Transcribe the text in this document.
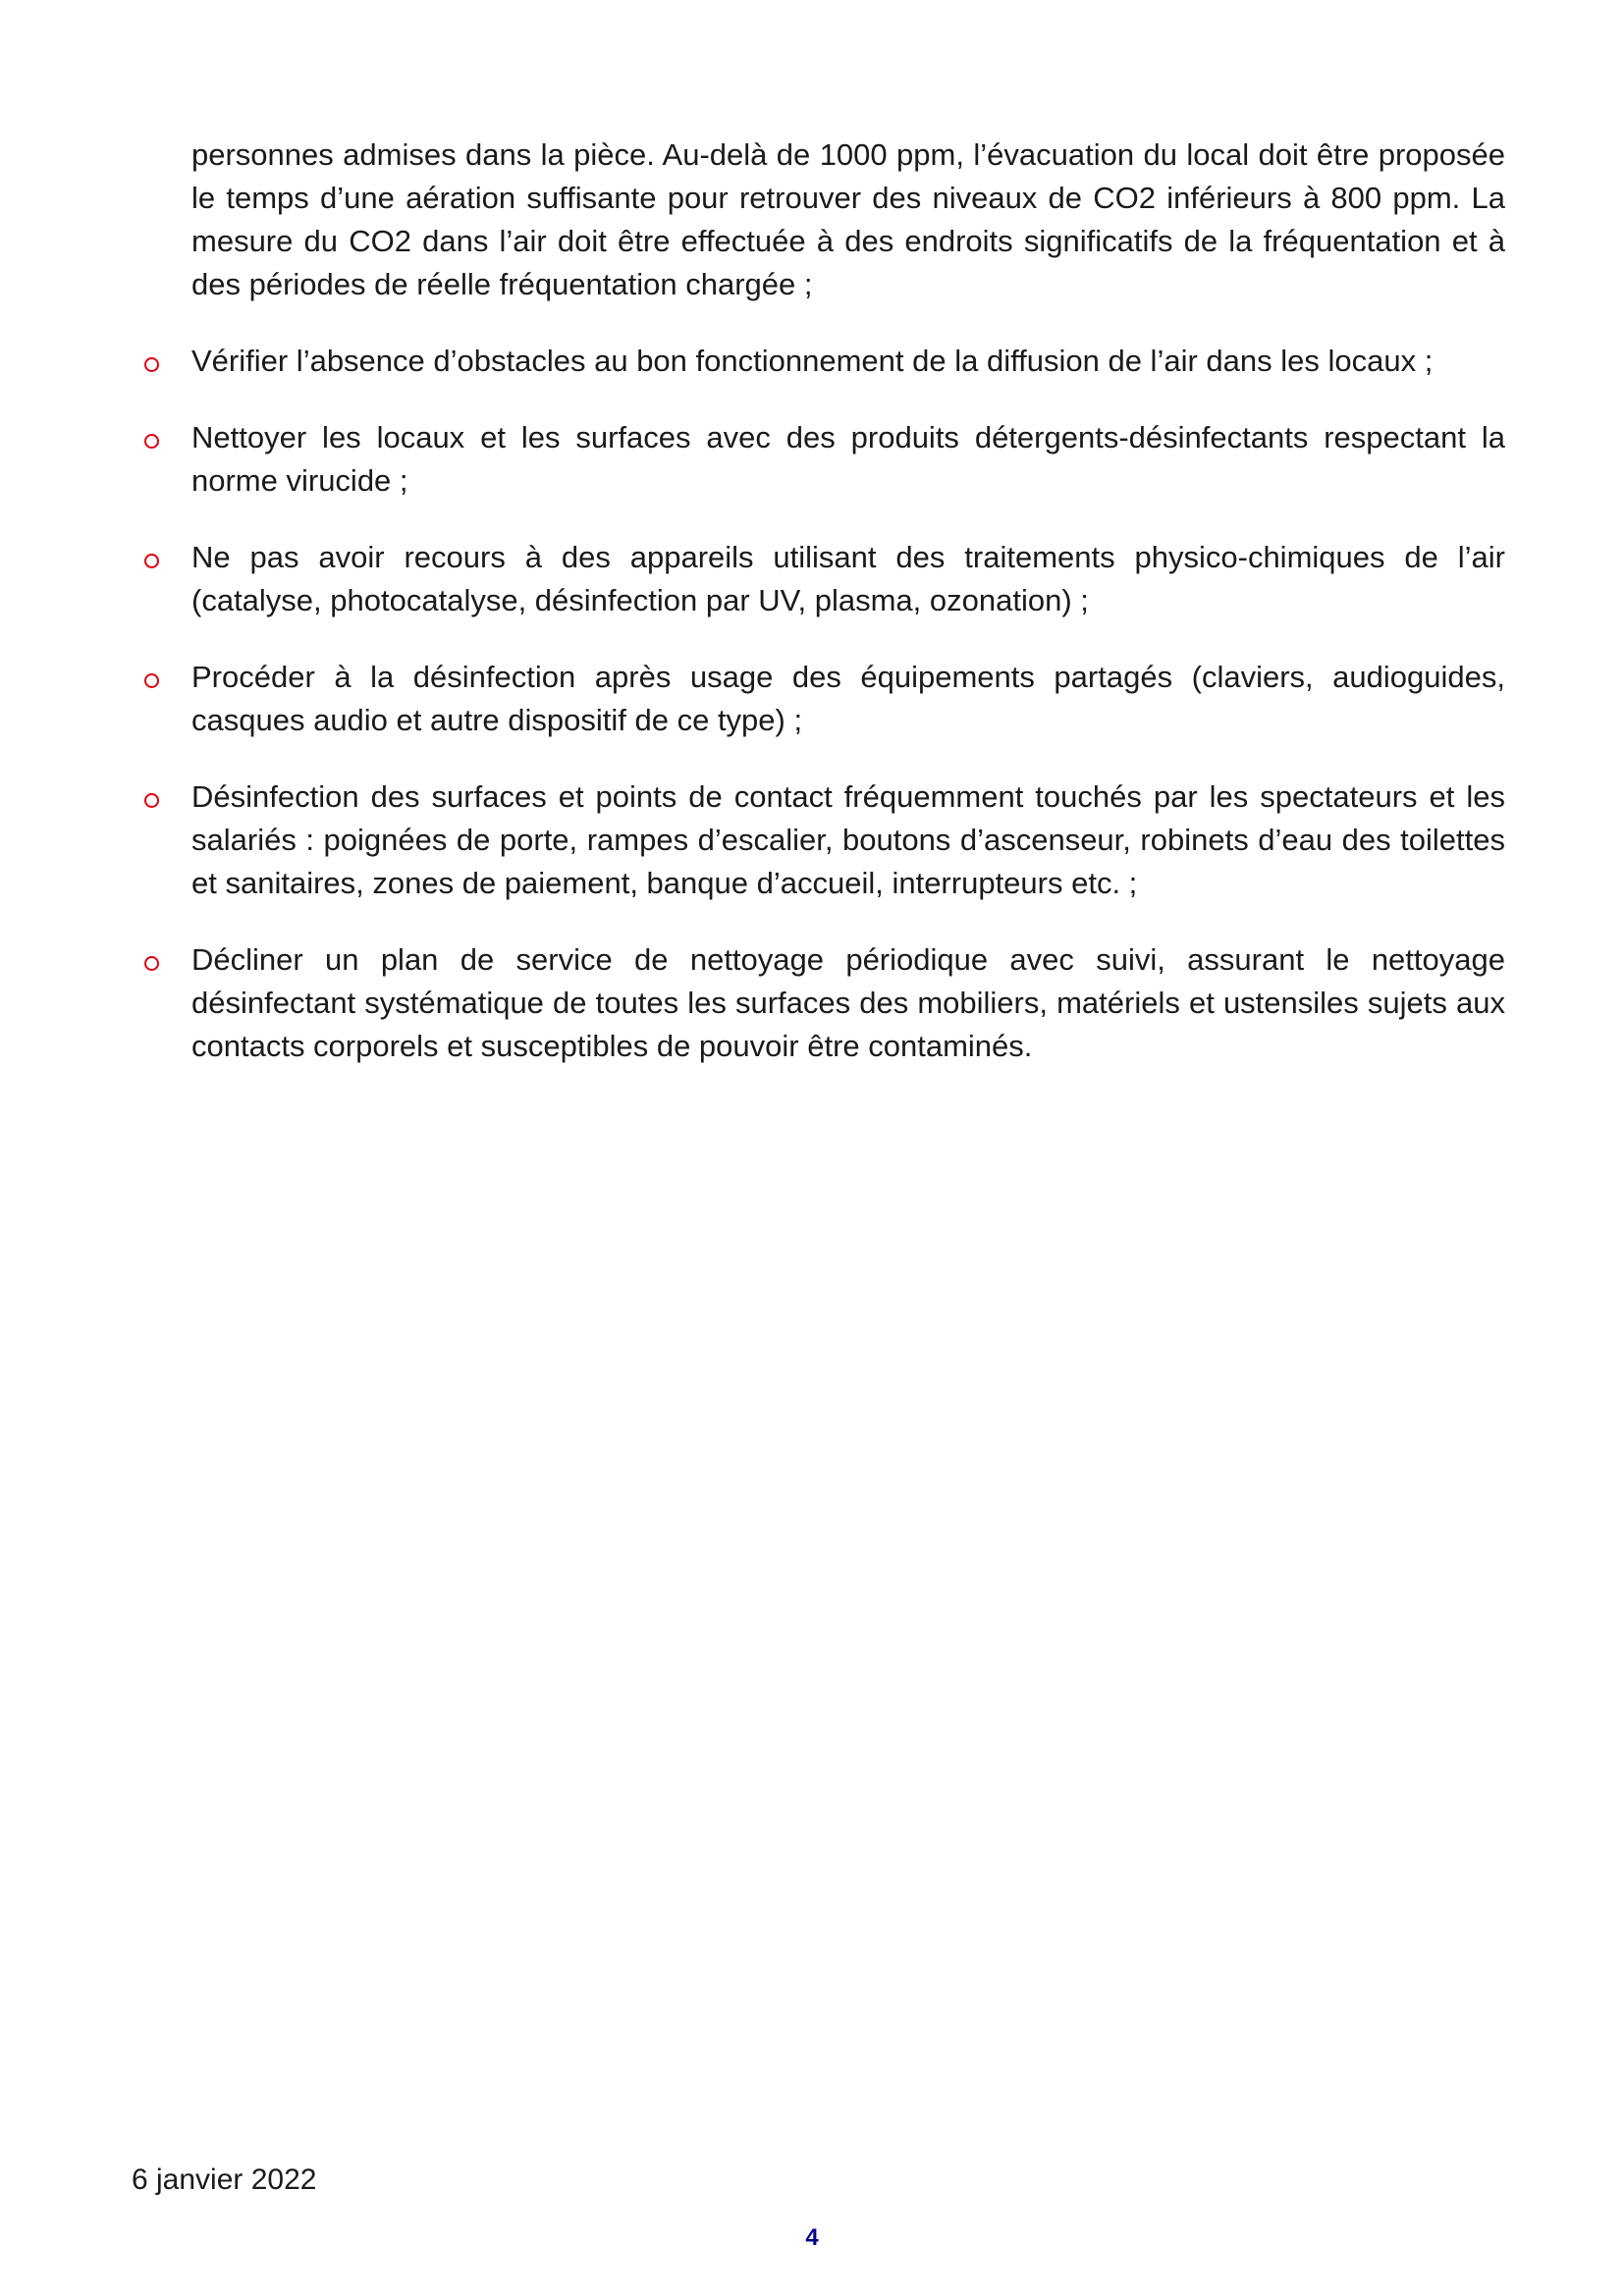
personnes admises dans la pièce. Au-delà de 1000 ppm, l’évacuation du local doit être proposée le temps d’une aération suffisante pour retrouver des niveaux de CO2 inférieurs à 800 ppm. La mesure du CO2 dans l’air doit être effectuée à des endroits significatifs de la fréquentation et à des périodes de réelle fréquentation chargée ;

Vérifier l’absence d’obstacles au bon fonctionnement de la diffusion de l’air dans les locaux ;
Nettoyer les locaux et les surfaces avec des produits détergents-désinfectants respectant la norme virucide ;
Ne pas avoir recours à des appareils utilisant des traitements physico-chimiques de l’air (catalyse, photocatalyse, désinfection par UV, plasma, ozonation) ;
Procéder à la désinfection après usage des équipements partagés (claviers, audioguides, casques audio et autre dispositif de ce type) ;
Désinfection des surfaces et points de contact fréquemment touchés par les spectateurs et les salariés : poignées de porte, rampes d’escalier, boutons d’ascenseur, robinets d’eau des toilettes et sanitaires, zones de paiement, banque d’accueil, interrupteurs etc. ;
Décliner un plan de service de nettoyage périodique avec suivi, assurant le nettoyage désinfectant systématique de toutes les surfaces des mobiliers, matériels et ustensiles sujets aux contacts corporels et susceptibles de pouvoir être contaminés.
6 janvier 2022
4
